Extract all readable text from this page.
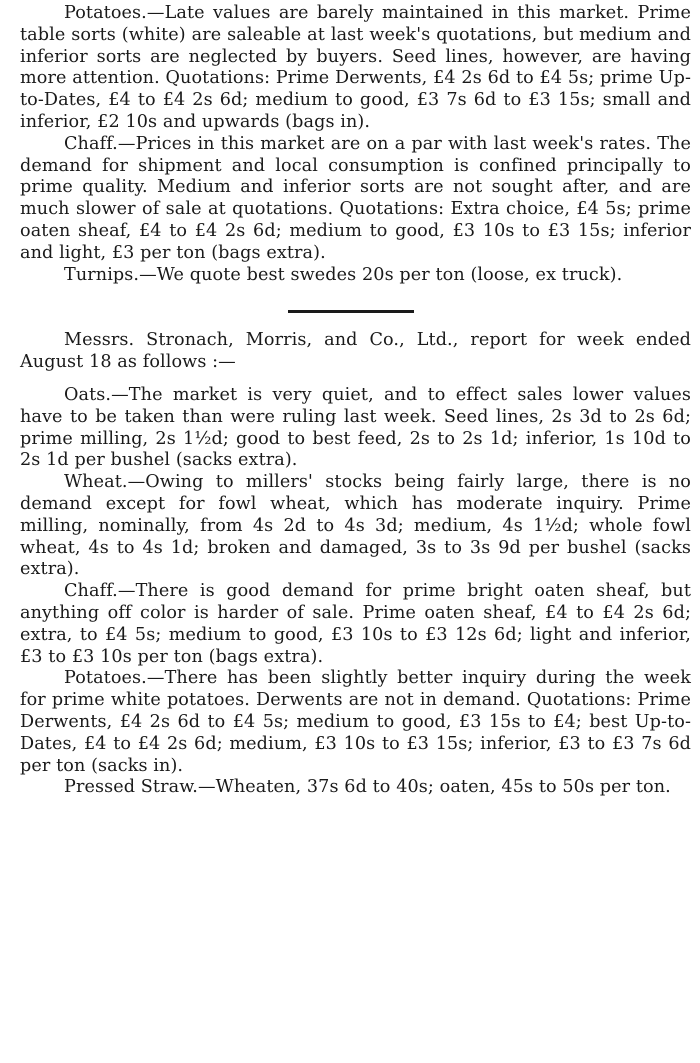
Potatoes.—Late values are barely maintained in this market. Prime table sorts (white) are saleable at last week's quotations, but medium and inferior sorts are neglected by buyers. Seed lines, however, are having more attention. Quotations: Prime Derwents, £4 2s 6d to £4 5s; prime Up-to-Dates, £4 to £4 2s 6d; medium to good, £3 7s 6d to £3 15s; small and inferior, £2 10s and upwards (bags in).

Chaff.—Prices in this market are on a par with last week's rates. The demand for shipment and local consumption is confined principally to prime quality. Medium and inferior sorts are not sought after, and are much slower of sale at quotations. Quotations: Extra choice, £4 5s; prime oaten sheaf, £4 to £4 2s 6d; medium to good, £3 10s to £3 15s; inferior and light, £3 per ton (bags extra).

Turnips.—We quote best swedes 20s per ton (loose, ex truck).

Messrs. Stronach, Morris, and Co., Ltd., report for week ended August 18 as follows :—

Oats.—The market is very quiet, and to effect sales lower values have to be taken than were ruling last week. Seed lines, 2s 3d to 2s 6d; prime milling, 2s 1½d; good to best feed, 2s to 2s 1d; inferior, 1s 10d to 2s 1d per bushel (sacks extra).

Wheat.—Owing to millers' stocks being fairly large, there is no demand except for fowl wheat, which has moderate inquiry. Prime milling, nominally, from 4s 2d to 4s 3d; medium, 4s 1½d; whole fowl wheat, 4s to 4s 1d; broken and damaged, 3s to 3s 9d per bushel (sacks extra).

Chaff.—There is good demand for prime bright oaten sheaf, but anything off color is harder of sale. Prime oaten sheaf, £4 to £4 2s 6d; extra, to £4 5s; medium to good, £3 10s to £3 12s 6d; light and inferior, £3 to £3 10s per ton (bags extra).

Potatoes.—There has been slightly better inquiry during the week for prime white potatoes. Derwents are not in demand. Quotations: Prime Derwents, £4 2s 6d to £4 5s; medium to good, £3 15s to £4; best Up-to-Dates, £4 to £4 2s 6d; medium, £3 10s to £3 15s; inferior, £3 to £3 7s 6d per ton (sacks in).

Pressed Straw.—Wheaten, 37s 6d to 40s; oaten, 45s to 50s per ton.
